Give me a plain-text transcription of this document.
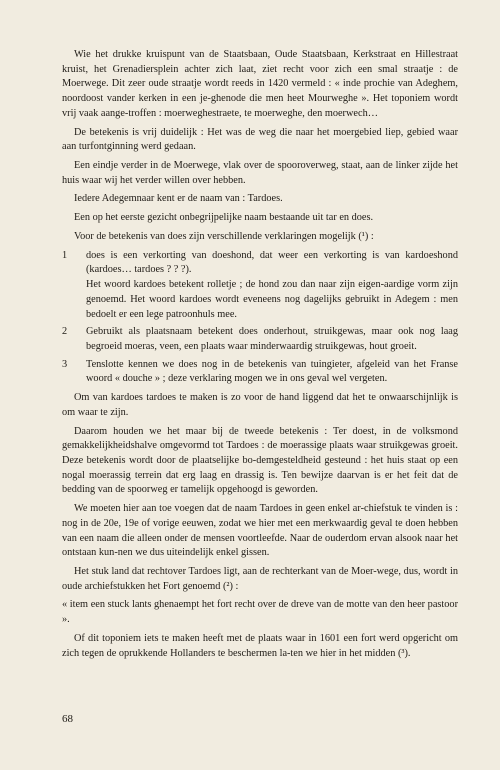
Wie het drukke kruispunt van de Staatsbaan, Oude Staatsbaan, Kerkstraat en Hillestraat kruist, het Grenadiersplein achter zich laat, ziet recht voor zich een smal straatje : de Moerwege. Dit zeer oude straatje wordt reeds in 1420 vermeld : « inde prochie van Adeghem, noordoost vander kerken in een je-ghenode die men heet Mourweghe ». Het toponiem wordt vrij vaak aange-troffen : moerweghestraete, te moerweghe, den moerwech…

De betekenis is vrij duidelijk : Het was de weg die naar het moergebied liep, gebied waar aan turfontginning werd gedaan.

Een eindje verder in de Moerwege, vlak over de spooroverweg, staat, aan de linker zijde het huis waar wij het verder willen over hebben.

Iedere Adegemnaar kent er de naam van : Tardoes.

Een op het eerste gezicht onbegrijpelijke naam bestaande uit tar en does.

Voor de betekenis van does zijn verschillende verklaringen mogelijk (¹) :

1 does is een verkorting van doeshond, dat weer een verkorting is van kardoeshond (kardoes… tardoes ? ? ?).
Het woord kardoes betekent rolletje ; de hond zou dan naar zijn eigen-aardige vorm zijn genoemd. Het woord kardoes wordt eveneens nog dagelijks gebruikt in Adegem : men bedoelt er een lege patroonhuls mee.
2 Gebruikt als plaatsnaam betekent does onderhout, struikgewas, maar ook nog laag begroeid moeras, veen, een plaats waar minderwaardig struikgewas, hout groeit.
3 Tenslotte kennen we does nog in de betekenis van tuingieter, afgeleid van het Franse woord « douche » ; deze verklaring mogen we in ons geval wel vergeten.

Om van kardoes tardoes te maken is zo voor de hand liggend dat het te onwaarschijnlijk is om waar te zijn.

Daarom houden we het maar bij de tweede betekenis : Ter doest, in de volksmond gemakkelijkheidshalve omgevormd tot Tardoes : de moerassige plaats waar struikgewas groeit. Deze betekenis wordt door de plaatselijke bo-demgesteldheid gesteund : het huis staat op een nogal moerassig terrein dat erg laag en drassig is. Ten bewijze daarvan is er het feit dat de bedding van de spoorweg er tamelijk opgehoogd is geworden.

We moeten hier aan toe voegen dat de naam Tardoes in geen enkel ar-chiefstuk te vinden is : nog in de 20e, 19e of vorige eeuwen, zodat we hier met een merkwaardig geval te doen hebben van een naam die alleen onder de mensen voortleefde. Naar de ouderdom ervan alsook naar het ontstaan kun-nen we dus uiteindelijk enkel gissen.

Het stuk land dat rechtover Tardoes ligt, aan de rechterkant van de Moer-wege, dus, wordt in oude archiefstukken het Fort genoemd (²) :

« item een stuck lants ghenaempt het fort recht over de dreve van de motte van den heer pastoor ».

Of dit toponiem iets te maken heeft met de plaats waar in 1601 een fort werd opgericht om zich tegen de oprukkende Hollanders te beschermen la-ten we hier in het midden (³).

68
